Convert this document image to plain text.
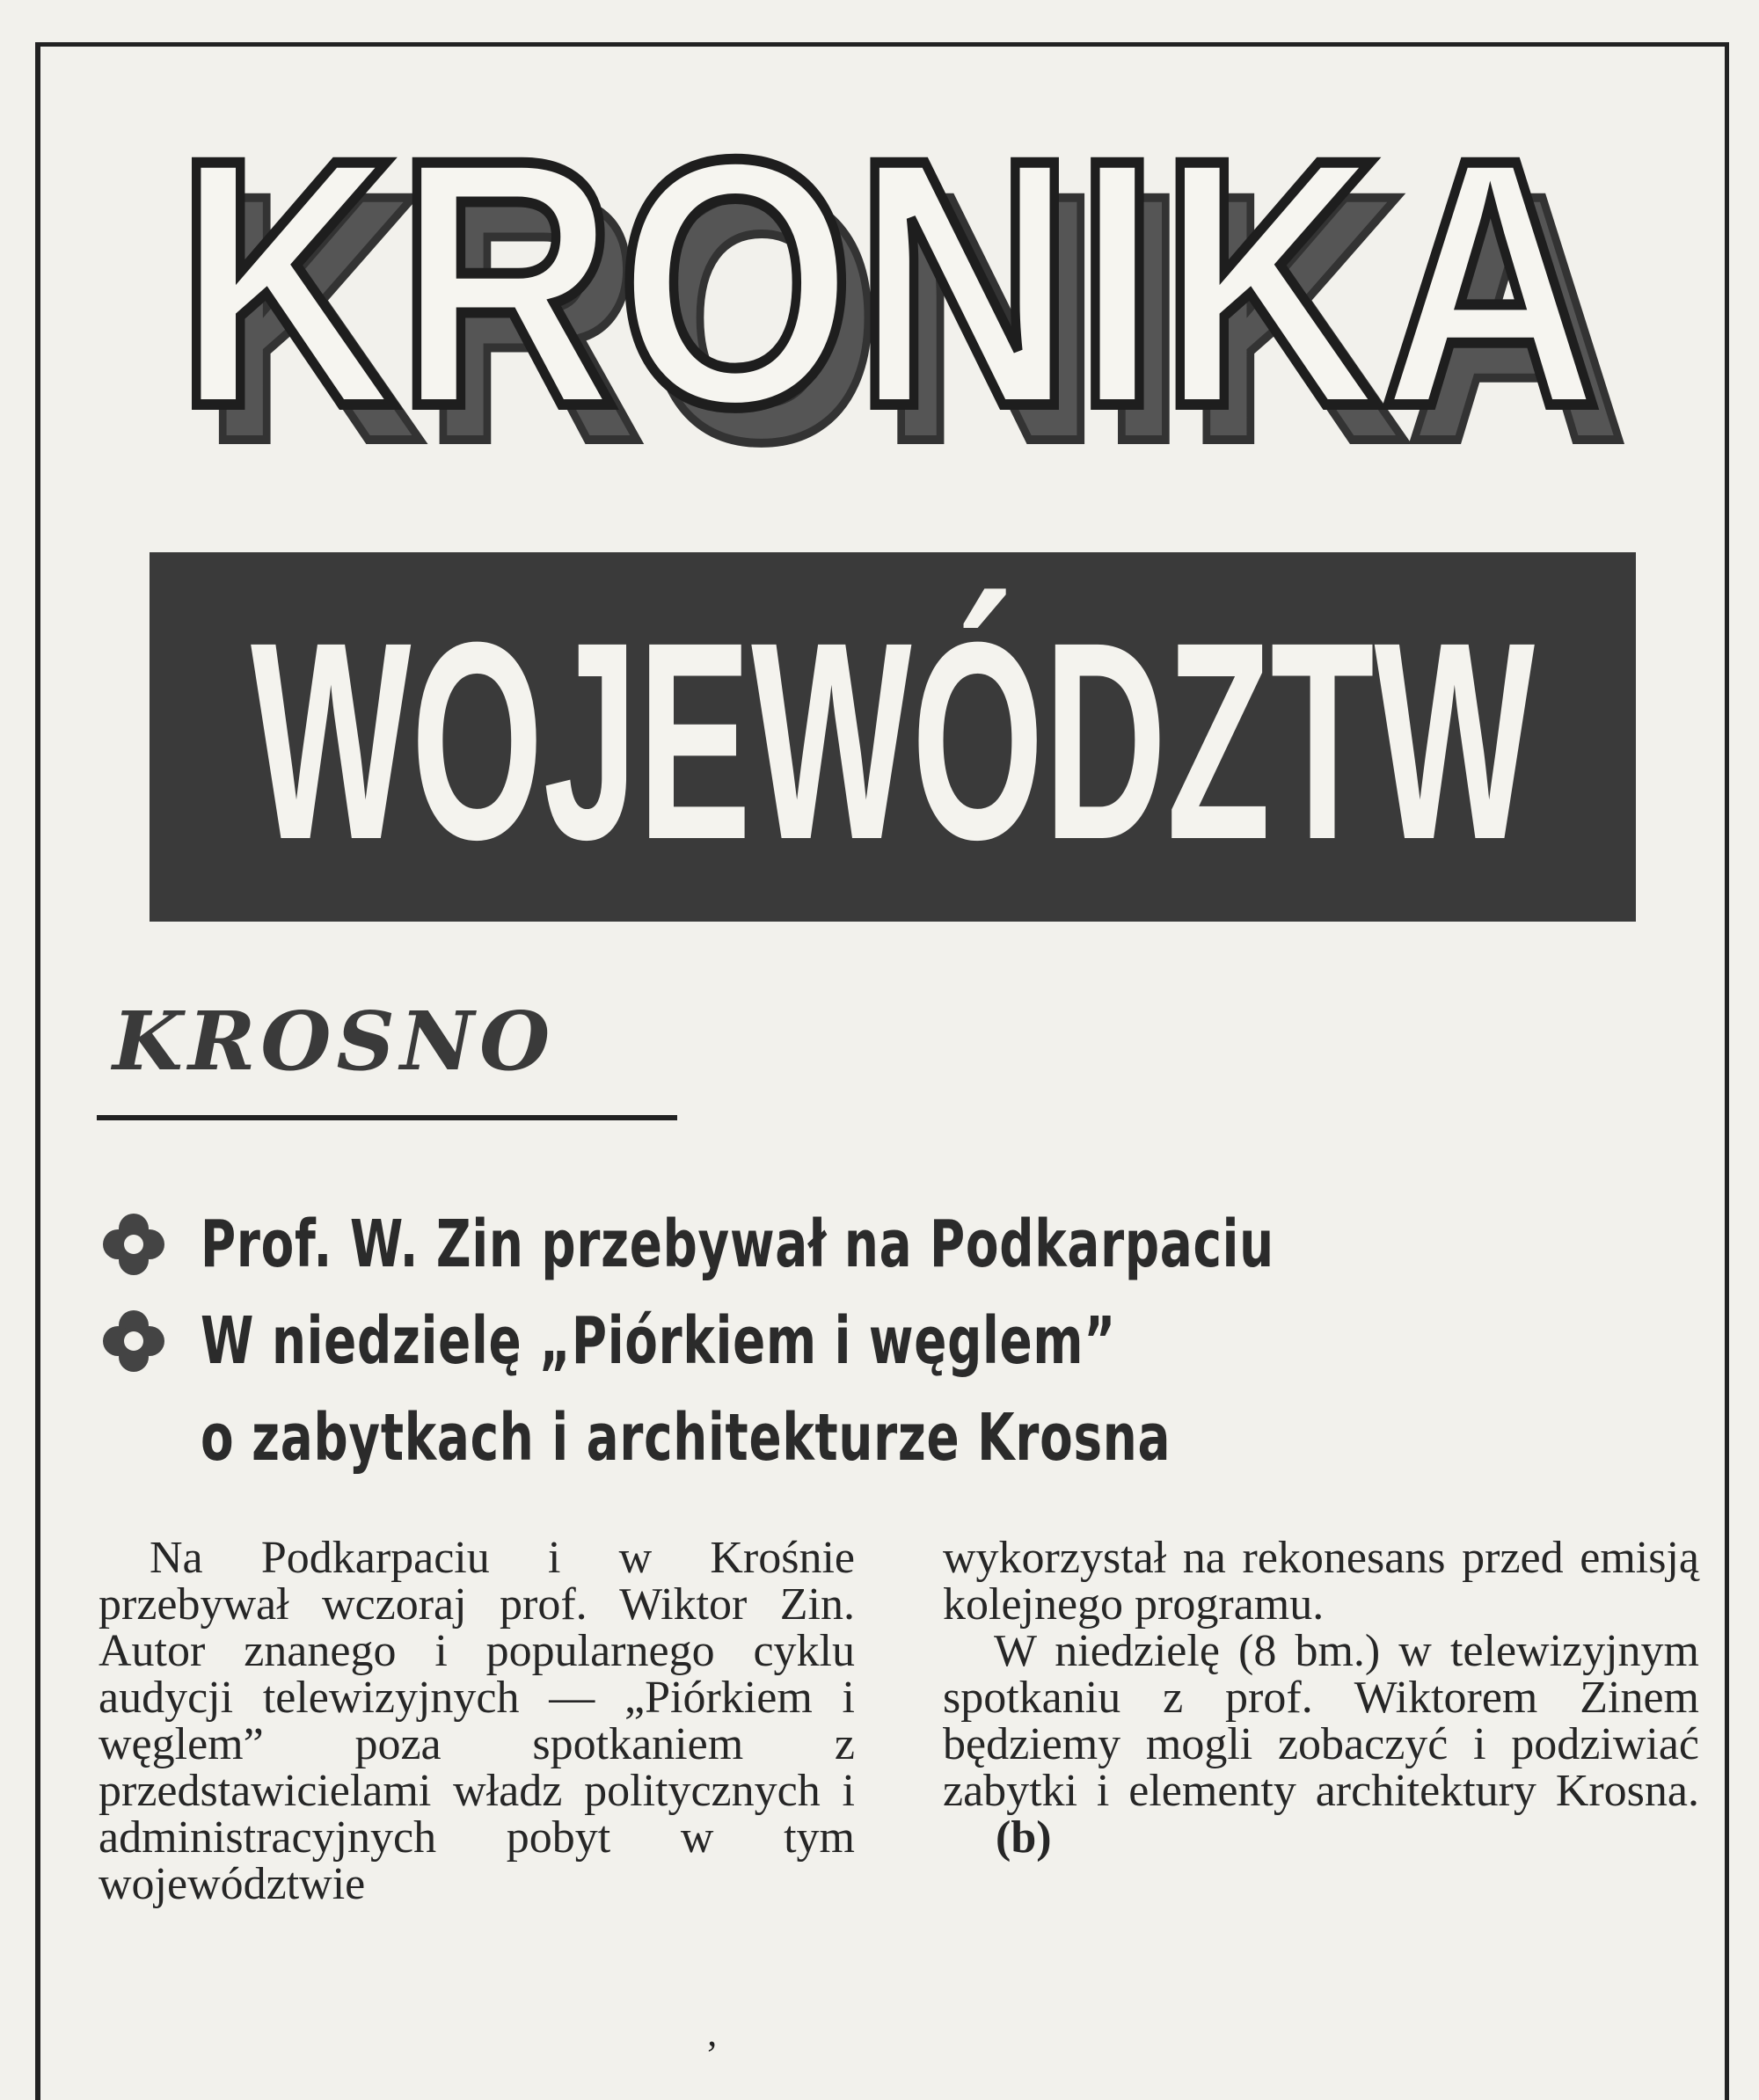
KRONIKA
KRONIKA
WOJEWÓDZTW
KROSNO
Prof. W. Zin przebywał na Podkarpaciu
W niedzielę „Piórkiem i węglem”
o zabytkach i architekturze Krosna

Na Podkarpaciu i w Krośnie przebywał wczoraj prof. Wiktor Zin. Autor znanego i popularnego cyklu audycji telewizyjnych — „Piórkiem i węglem” poza spotkaniem z przedstawicielami władz politycznych i administracyjnych pobyt w tym województwie

wykorzystał na rekonesans przed emisją kolejnego programu.

W niedzielę (8 bm.) w telewizyjnym spotkaniu z prof. Wiktorem Zinem będziemy mogli zobaczyć i podziwiać zabytki i elementy architektury Krosna.(b)

ʼ
